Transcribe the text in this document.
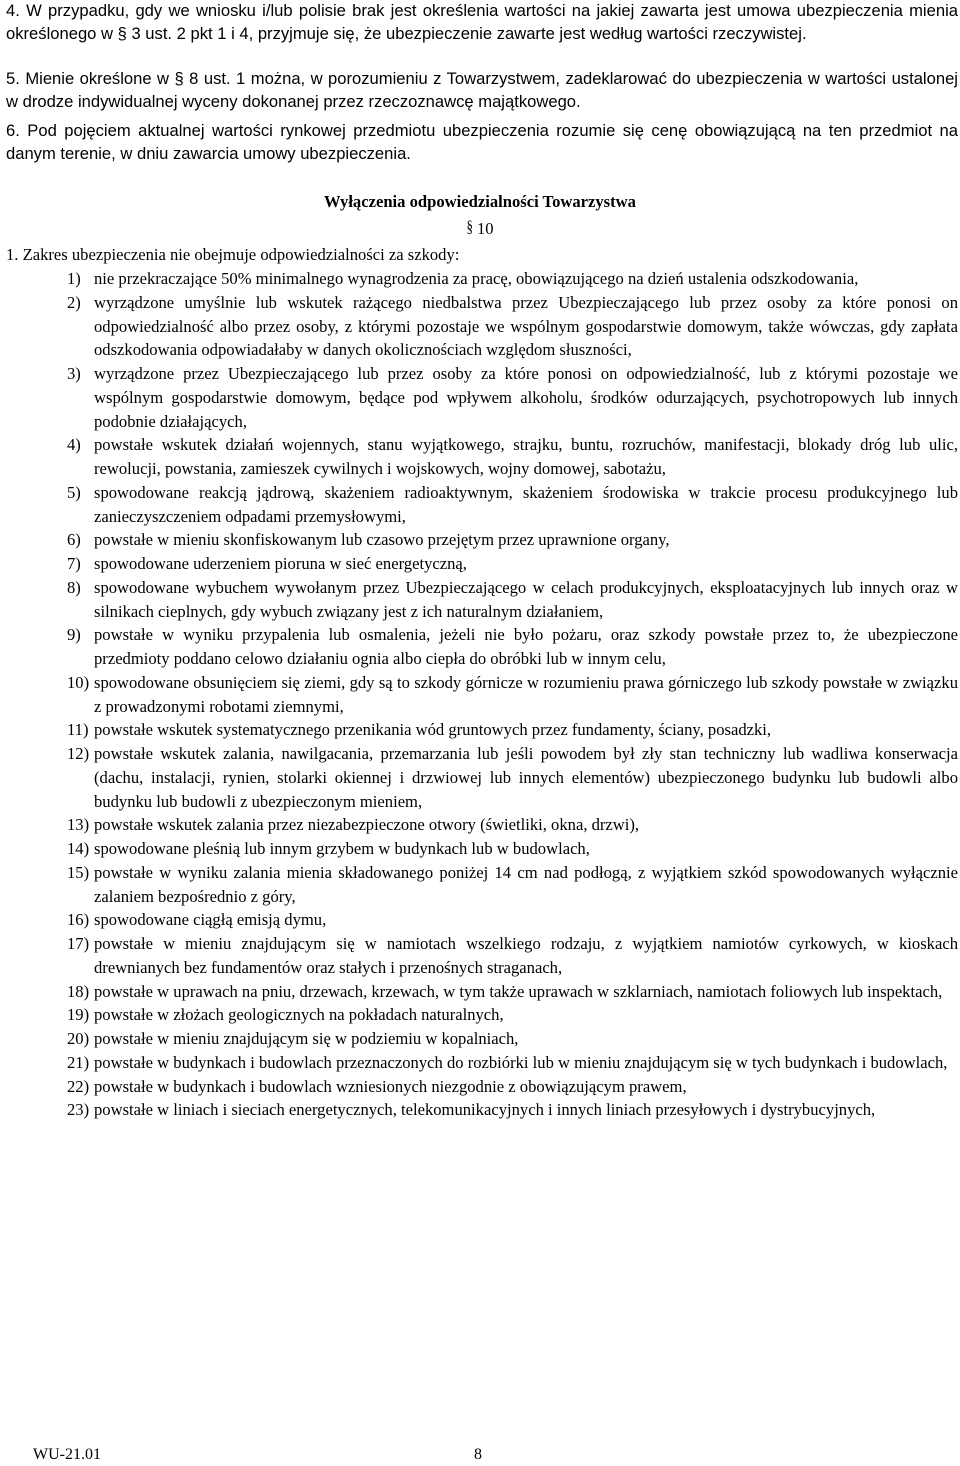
4. W przypadku, gdy we wniosku i/lub polisie brak jest określenia wartości na jakiej zawarta jest umowa ubezpieczenia mienia określonego w § 3 ust. 2 pkt 1 i 4, przyjmuje się, że ubezpieczenie zawarte jest według wartości rzeczywistej.
5. Mienie określone w § 8 ust. 1 można, w porozumieniu z Towarzystwem, zadeklarować do ubezpieczenia w wartości ustalonej w drodze indywidualnej wyceny dokonanej przez rzeczoznawcę majątkowego.
6. Pod pojęciem aktualnej wartości rynkowej przedmiotu ubezpieczenia rozumie się cenę obowiązującą na ten przedmiot na danym terenie, w dniu zawarcia umowy ubezpieczenia.
Wyłączenia odpowiedzialności Towarzystwa
§ 10
1. Zakres ubezpieczenia nie obejmuje odpowiedzialności za szkody:
1) nie przekraczające 50% minimalnego wynagrodzenia za pracę, obowiązującego na dzień ustalenia odszkodowania,
2) wyrządzone umyślnie lub wskutek rażącego niedbalstwa przez Ubezpieczającego lub przez osoby za które ponosi on odpowiedzialność albo przez osoby, z którymi pozostaje we wspólnym gospodarstwie domowym, także wówczas, gdy zapłata odszkodowania odpowiadałaby w danych okolicznościach względom słuszności,
3) wyrządzone przez Ubezpieczającego lub przez osoby za które ponosi on odpowiedzialność, lub z którymi pozostaje we wspólnym gospodarstwie domowym, będące pod wpływem alkoholu, środków odurzających, psychotropowych lub innych podobnie działających,
4) powstałe wskutek działań wojennych, stanu wyjątkowego, strajku, buntu, rozruchów, manifestacji, blokady dróg lub ulic, rewolucji, powstania, zamieszek cywilnych i wojskowych, wojny domowej, sabotażu,
5) spowodowane reakcją jądrową, skażeniem radioaktywnym, skażeniem środowiska w trakcie procesu produkcyjnego lub zanieczyszczeniem odpadami przemysłowymi,
6) powstałe w mieniu skonfiskowanym lub czasowo przejętym przez uprawnione organy,
7) spowodowane uderzeniem pioruna w sieć energetyczną,
8) spowodowane wybuchem wywołanym przez Ubezpieczającego w celach produkcyjnych, eksploatacyjnych lub innych oraz w silnikach cieplnych, gdy wybuch związany jest z ich naturalnym działaniem,
9) powstałe w wyniku przypalenia lub osmalenia, jeżeli nie było pożaru, oraz szkody powstałe przez to, że ubezpieczone przedmioty poddano celowo działaniu ognia albo ciepła do obróbki lub w innym celu,
10) spowodowane obsunięciem się ziemi, gdy są to szkody górnicze w rozumieniu prawa górniczego lub szkody powstałe w związku z prowadzonymi robotami ziemnymi,
11) powstałe wskutek systematycznego przenikania wód gruntowych przez fundamenty, ściany, posadzki,
12) powstałe wskutek zalania, nawilgacania, przemarzania lub jeśli powodem był zły stan techniczny lub wadliwa konserwacja (dachu, instalacji, rynien, stolarki okiennej i drzwiowej lub innych elementów) ubezpieczonego budynku lub budowli albo budynku lub budowli z ubezpieczonym mieniem,
13) powstałe wskutek zalania przez niezabezpieczone otwory (świetliki, okna, drzwi),
14) spowodowane pleśnią lub innym grzybem w budynkach lub w budowlach,
15) powstałe w wyniku zalania mienia składowanego poniżej 14 cm nad podłogą, z wyjątkiem szkód spowodowanych wyłącznie zalaniem bezpośrednio z góry,
16) spowodowane ciągłą emisją dymu,
17) powstałe w mieniu znajdującym się w namiotach wszelkiego rodzaju, z wyjątkiem namiotów cyrkowych, w kioskach drewnianych bez fundamentów oraz stałych i przenośnych straganach,
18) powstałe w uprawach na pniu, drzewach, krzewach, w tym także uprawach w szklarniach, namiotach foliowych lub inspektach,
19) powstałe w złożach geologicznych na pokładach naturalnych,
20) powstałe w mieniu znajdującym się w podziemiu w kopalniach,
21) powstałe w budynkach i budowlach przeznaczonych do rozbiórki lub w mieniu znajdującym się w tych budynkach i budowlach,
22) powstałe w budynkach i budowlach wzniesionych niezgodnie z obowiązującym prawem,
23) powstałe w liniach i sieciach energetycznych, telekomunikacyjnych i innych liniach przesyłowych i dystrybucyjnych,
WU-21.01	8
